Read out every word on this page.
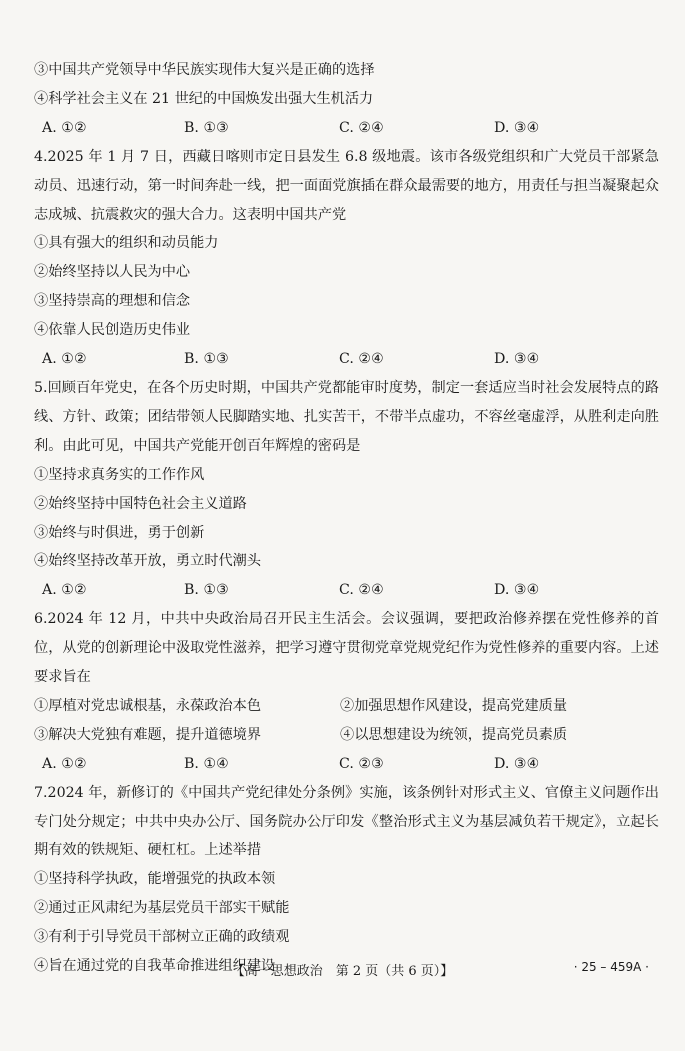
③中国共产党领导中华民族实现伟大复兴是正确的选择
④科学社会主义在 21 世纪的中国焕发出强大生机活力
A. ①②	B. ①③	C. ②④	D. ③④
4.2025 年 1 月 7 日，西藏日喀则市定日县发生 6.8 级地震。该市各级党组织和广大党员干部紧急动员、迅速行动，第一时间奔赴一线，把一面面党旗插在群众最需要的地方，用责任与担当凝聚起众志成城、抗震救灾的强大合力。这表明中国共产党
①具有强大的组织和动员能力
②始终坚持以人民为中心
③坚持崇高的理想和信念
④依靠人民创造历史伟业
A. ①②	B. ①③	C. ②④	D. ③④
5.回顾百年党史，在各个历史时期，中国共产党都能审时度势，制定一套适应当时社会发展特点的路线、方针、政策；团结带领人民脚踏实地、扎实苦干，不带半点虚功，不容丝毫虚浮，从胜利走向胜利。由此可见，中国共产党能开创百年辉煌的密码是
①坚持求真务实的工作作风
②始终坚持中国特色社会主义道路
③始终与时俱进，勇于创新
④始终坚持改革开放，勇立时代潮头
A. ①②	B. ①③	C. ②④	D. ③④
6.2024 年 12 月，中共中央政治局召开民主生活会。会议强调，要把政治修养摆在党性修养的首位，从党的创新理论中汲取党性滋养，把学习遵守贯彻党章党规党纪作为党性修养的重要内容。上述要求旨在
①厚植对党忠诚根基，永葆政治本色	②加强思想作风建设，提高党建质量
③解决大党独有难题，提升道德境界	④以思想建设为统领，提高党员素质
A. ①②	B. ①④	C. ②③	D. ③④
7.2024 年，新修订的《中国共产党纪律处分条例》实施，该条例针对形式主义、官僚主义问题作出专门处分规定；中共中央办公厅、国务院办公厅印发《整治形式主义为基层减负若干规定》，立起长期有效的铁规矩、硬杠杠。上述举措
①坚持科学执政，能增强党的执政本领
②通过正风肃纪为基层党员干部实干赋能
③有利于引导党员干部树立正确的政绩观
④旨在通过党的自我革命推进组织建设
【高一思想政治　第 2 页（共 6 页）】	· 25 – 459A ·
